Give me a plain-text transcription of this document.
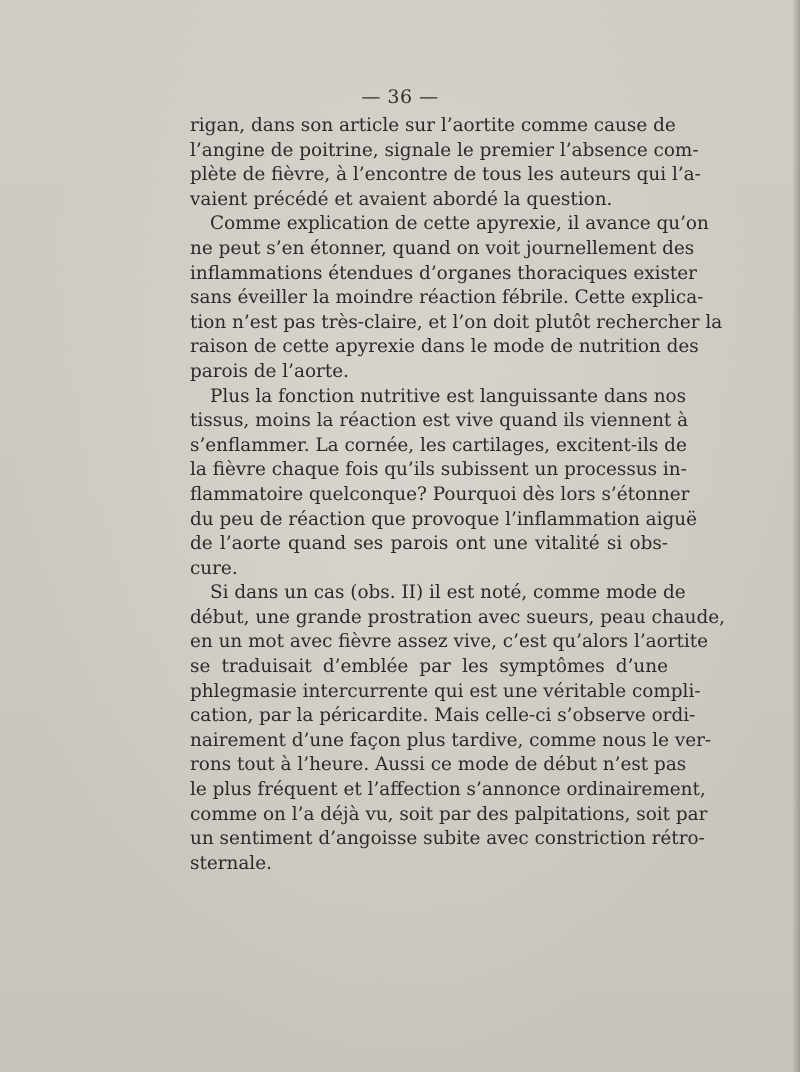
— 36 —
rigan, dans son article sur l’aortite comme cause de
l’angine de poitrine, signale le premier l’absence com-
plète de fièvre, à l’encontre de tous les auteurs qui l’a-
vaient précédé et avaient abordé la question.
Comme explication de cette apyrexie, il avance qu’on
ne peut s’en étonner, quand on voit journellement des
inflammations étendues d’organes thoraciques exister
sans éveiller la moindre réaction fébrile. Cette explica-
tion n’est pas très-claire, et l’on doit plutôt rechercher la
raison de cette apyrexie dans le mode de nutrition des
parois de l’aorte.
Plus la fonction nutritive est languissante dans nos
tissus, moins la réaction est vive quand ils viennent à
s’enflammer. La cornée, les cartilages, excitent-ils de
la fièvre chaque fois qu’ils subissent un processus in-
flammatoire quelconque? Pourquoi dès lors s’étonner
du peu de réaction que provoque l’inflammation aiguë
de l’aorte quand ses parois ont une vitalité si obs-
cure.
Si dans un cas (obs. II) il est noté, comme mode de
début, une grande prostration avec sueurs, peau chaude,
en un mot avec fièvre assez vive, c’est qu’alors l’aortite
se traduisait d’emblée par les symptômes d’une
phlegmasie intercurrente qui est une véritable compli-
cation, par la péricardite. Mais celle-ci s’observe ordi-
nairement d’une façon plus tardive, comme nous le ver-
rons tout à l’heure. Aussi ce mode de début n’est pas
le plus fréquent et l’affection s’annonce ordinairement,
comme on l’a déjà vu, soit par des palpitations, soit par
un sentiment d’angoisse subite avec constriction rétro-
sternale.
